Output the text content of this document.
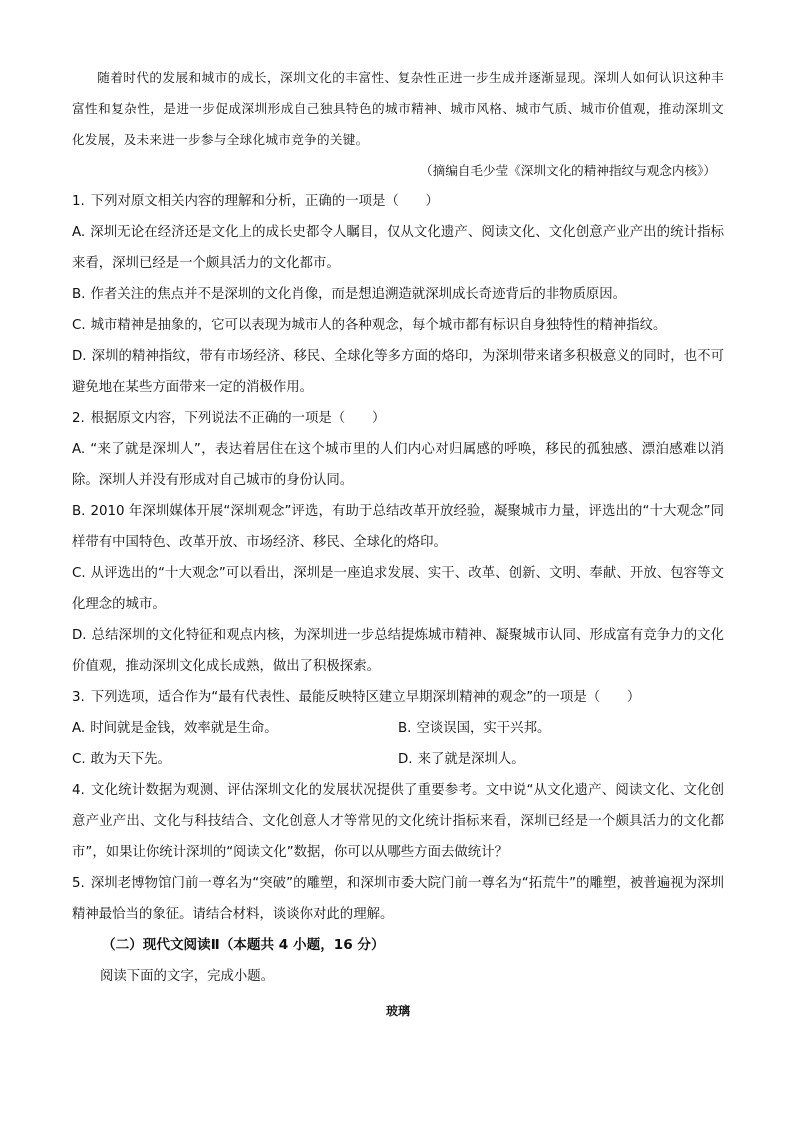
随着时代的发展和城市的成长，深圳文化的丰富性、复杂性正进一步生成并逐渐显现。深圳人如何认识这种丰富性和复杂性，是进一步促成深圳形成自己独具特色的城市精神、城市风格、城市气质、城市价值观，推动深圳文化发展，及未来进一步参与全球化城市竞争的关键。

（摘编自毛少莹《深圳文化的精神指纹与观念内核》）

1. 下列对原文相关内容的理解和分析，正确的一项是（　　）

A. 深圳无论在经济还是文化上的成长史都令人瞩目，仅从文化遗产、阅读文化、文化创意产业产出的统计指标来看，深圳已经是一个颇具活力的文化都市。

B. 作者关注的焦点并不是深圳的文化肖像，而是想追溯造就深圳成长奇迹背后的非物质原因。

C. 城市精神是抽象的，它可以表现为城市人的各种观念，每个城市都有标识自身独特性的精神指纹。

D. 深圳的精神指纹，带有市场经济、移民、全球化等多方面的烙印，为深圳带来诸多积极意义的同时，也不可避免地在某些方面带来一定的消极作用。

2. 根据原文内容，下列说法不正确的一项是（　　）

A. “来了就是深圳人”，表达着居住在这个城市里的人们内心对归属感的呼唤，移民的孤独感、漂泊感难以消除。深圳人并没有形成对自己城市的身份认同。

B. 2010 年深圳媒体开展“深圳观念”评选，有助于总结改革开放经验，凝聚城市力量，评选出的“十大观念”同样带有中国特色、改革开放、市场经济、移民、全球化的烙印。

C. 从评选出的“十大观念”可以看出，深圳是一座追求发展、实干、改革、创新、文明、奉献、开放、包容等文化理念的城市。

D. 总结深圳的文化特征和观点内核，为深圳进一步总结提炼城市精神、凝聚城市认同、形成富有竞争力的文化价值观，推动深圳文化成长成熟，做出了积极探索。

3. 下列选项，适合作为“最有代表性、最能反映特区建立早期深圳精神的观念”的一项是（　　）

A. 时间就是金钱，效率就是生命。	B. 空谈误国，实干兴邦。

C. 敢为天下先。	D. 来了就是深圳人。

4. 文化统计数据为观测、评估深圳文化的发展状况提供了重要参考。文中说“从文化遗产、阅读文化、文化创意产业产出、文化与科技结合、文化创意人才等常见的文化统计指标来看，深圳已经是一个颇具活力的文化都市”，如果让你统计深圳的“阅读文化”数据，你可以从哪些方面去做统计？

5. 深圳老博物馆门前一尊名为“突破”的雕塑，和深圳市委大院门前一尊名为“拓荒牛”的雕塑，被普遍视为深圳精神最恰当的象征。请结合材料，谈谈你对此的理解。

（二）现代文阅读Ⅱ（本题共 4 小题，16 分）

阅读下面的文字，完成小题。

玻璃
